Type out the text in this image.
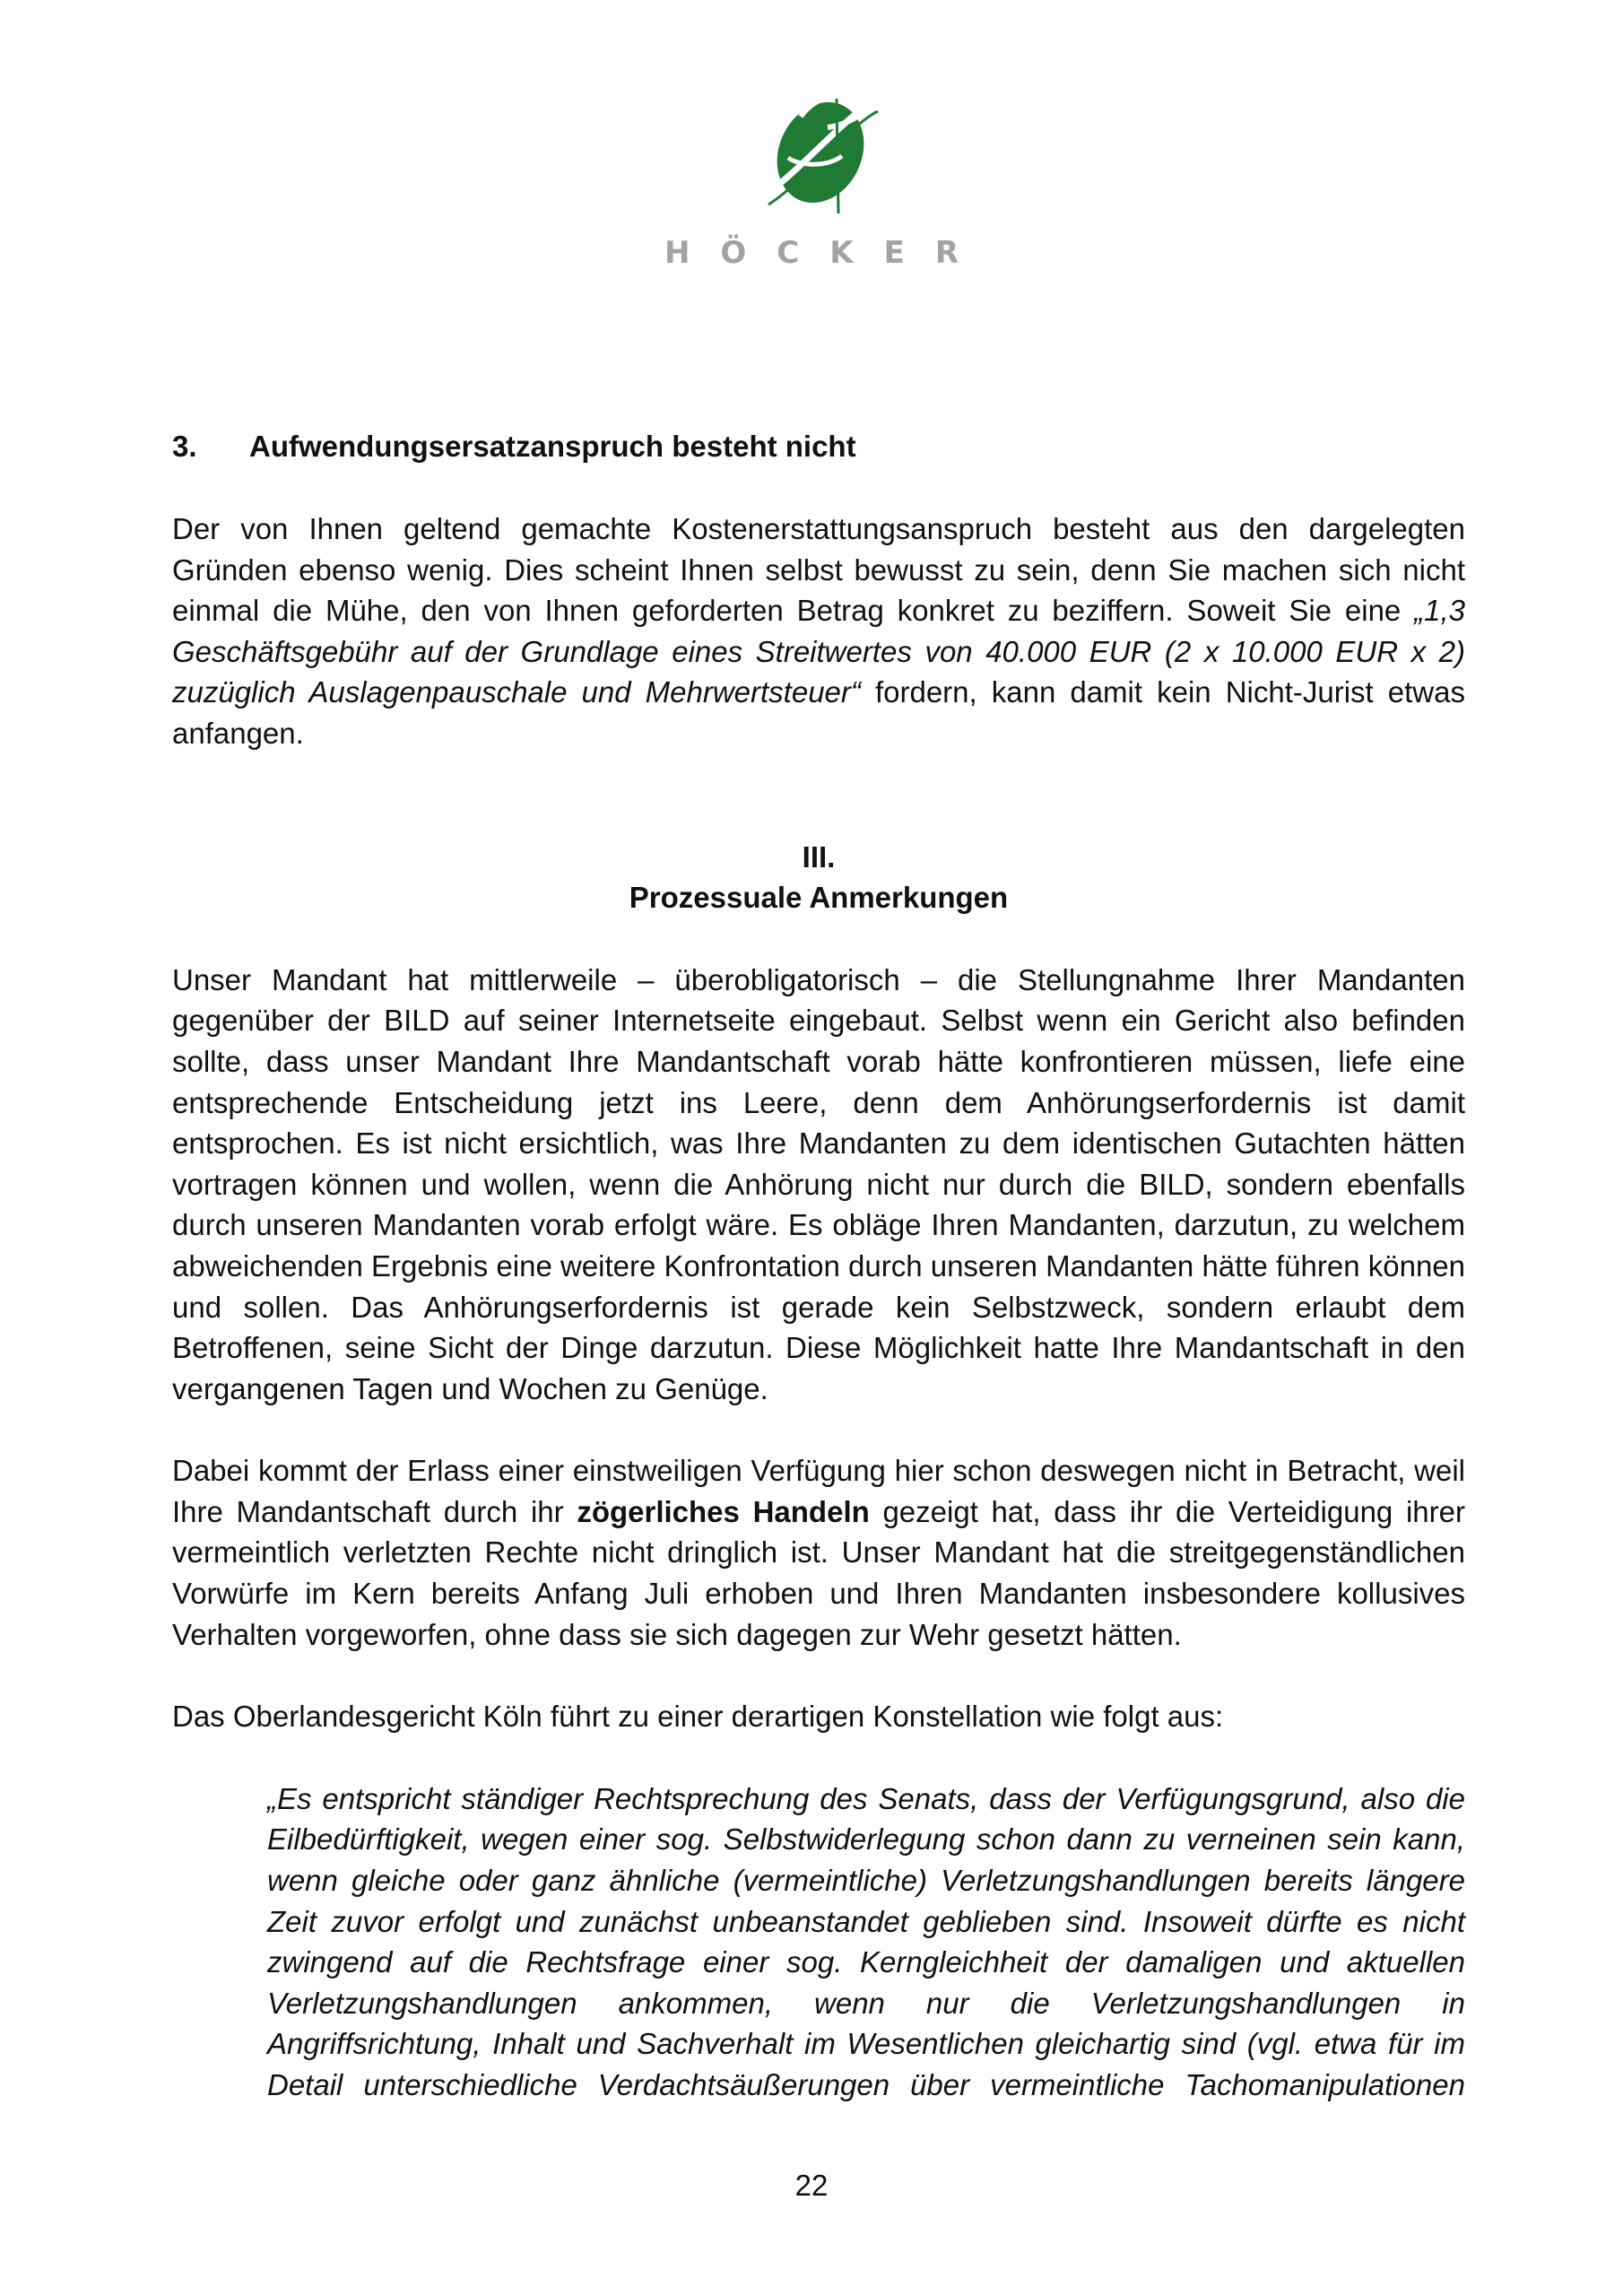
HÖCKER
3. Aufwendungsersatzanspruch besteht nicht

Der von Ihnen geltend gemachte Kostenerstattungsanspruch besteht aus den dargelegten Gründen ebenso wenig. Dies scheint Ihnen selbst bewusst zu sein, denn Sie machen sich nicht einmal die Mühe, den von Ihnen geforderten Betrag konkret zu beziffern. Soweit Sie eine „1,3 Geschäftsgebühr auf der Grundlage eines Streitwertes von 40.000 EUR (2 x 10.000 EUR x 2) zuzüglich Auslagenpauschale und Mehrwertsteuer“ fordern, kann damit kein Nicht-Jurist etwas anfangen.

III.
Prozessuale Anmerkungen

Unser Mandant hat mittlerweile – überobligatorisch – die Stellungnahme Ihrer Mandanten gegenüber der BILD auf seiner Internetseite eingebaut. Selbst wenn ein Gericht also befinden sollte, dass unser Mandant Ihre Mandantschaft vorab hätte konfrontieren müssen, liefe eine entsprechende Entscheidung jetzt ins Leere, denn dem Anhörungserfordernis ist damit entsprochen. Es ist nicht ersichtlich, was Ihre Mandanten zu dem identischen Gutachten hätten vortragen können und wollen, wenn die Anhörung nicht nur durch die BILD, sondern ebenfalls durch unseren Mandanten vorab erfolgt wäre. Es obläge Ihren Mandanten, darzutun, zu welchem abweichenden Ergebnis eine weitere Konfrontation durch unseren Mandanten hätte führen können und sollen. Das Anhörungserfordernis ist gerade kein Selbstzweck, sondern erlaubt dem Betroffenen, seine Sicht der Dinge darzutun. Diese Möglichkeit hatte Ihre Mandantschaft in den vergangenen Tagen und Wochen zu Genüge.

Dabei kommt der Erlass einer einstweiligen Verfügung hier schon deswegen nicht in Betracht, weil Ihre Mandantschaft durch ihr zögerliches Handeln gezeigt hat, dass ihr die Verteidigung ihrer vermeintlich verletzten Rechte nicht dringlich ist. Unser Mandant hat die streitgegenständlichen Vorwürfe im Kern bereits Anfang Juli erhoben und Ihren Mandanten insbesondere kollusives Verhalten vorgeworfen, ohne dass sie sich dagegen zur Wehr gesetzt hätten.

Das Oberlandesgericht Köln führt zu einer derartigen Konstellation wie folgt aus:

„Es entspricht ständiger Rechtsprechung des Senats, dass der Verfügungsgrund, also die Eilbedürftigkeit, wegen einer sog. Selbstwiderlegung schon dann zu verneinen sein kann, wenn gleiche oder ganz ähnliche (vermeintliche) Verletzungshandlungen bereits längere Zeit zuvor erfolgt und zunächst unbeanstandet geblieben sind. Insoweit dürfte es nicht zwingend auf die Rechtsfrage einer sog. Kerngleichheit der damaligen und aktuellen Verletzungshandlungen ankommen, wenn nur die Verletzungshandlungen in Angriffsrichtung, Inhalt und Sachverhalt im Wesentlichen gleichartig sind (vgl. etwa für im Detail unterschiedliche Verdachtsäußerungen über vermeintliche Tachomanipulationen

22
